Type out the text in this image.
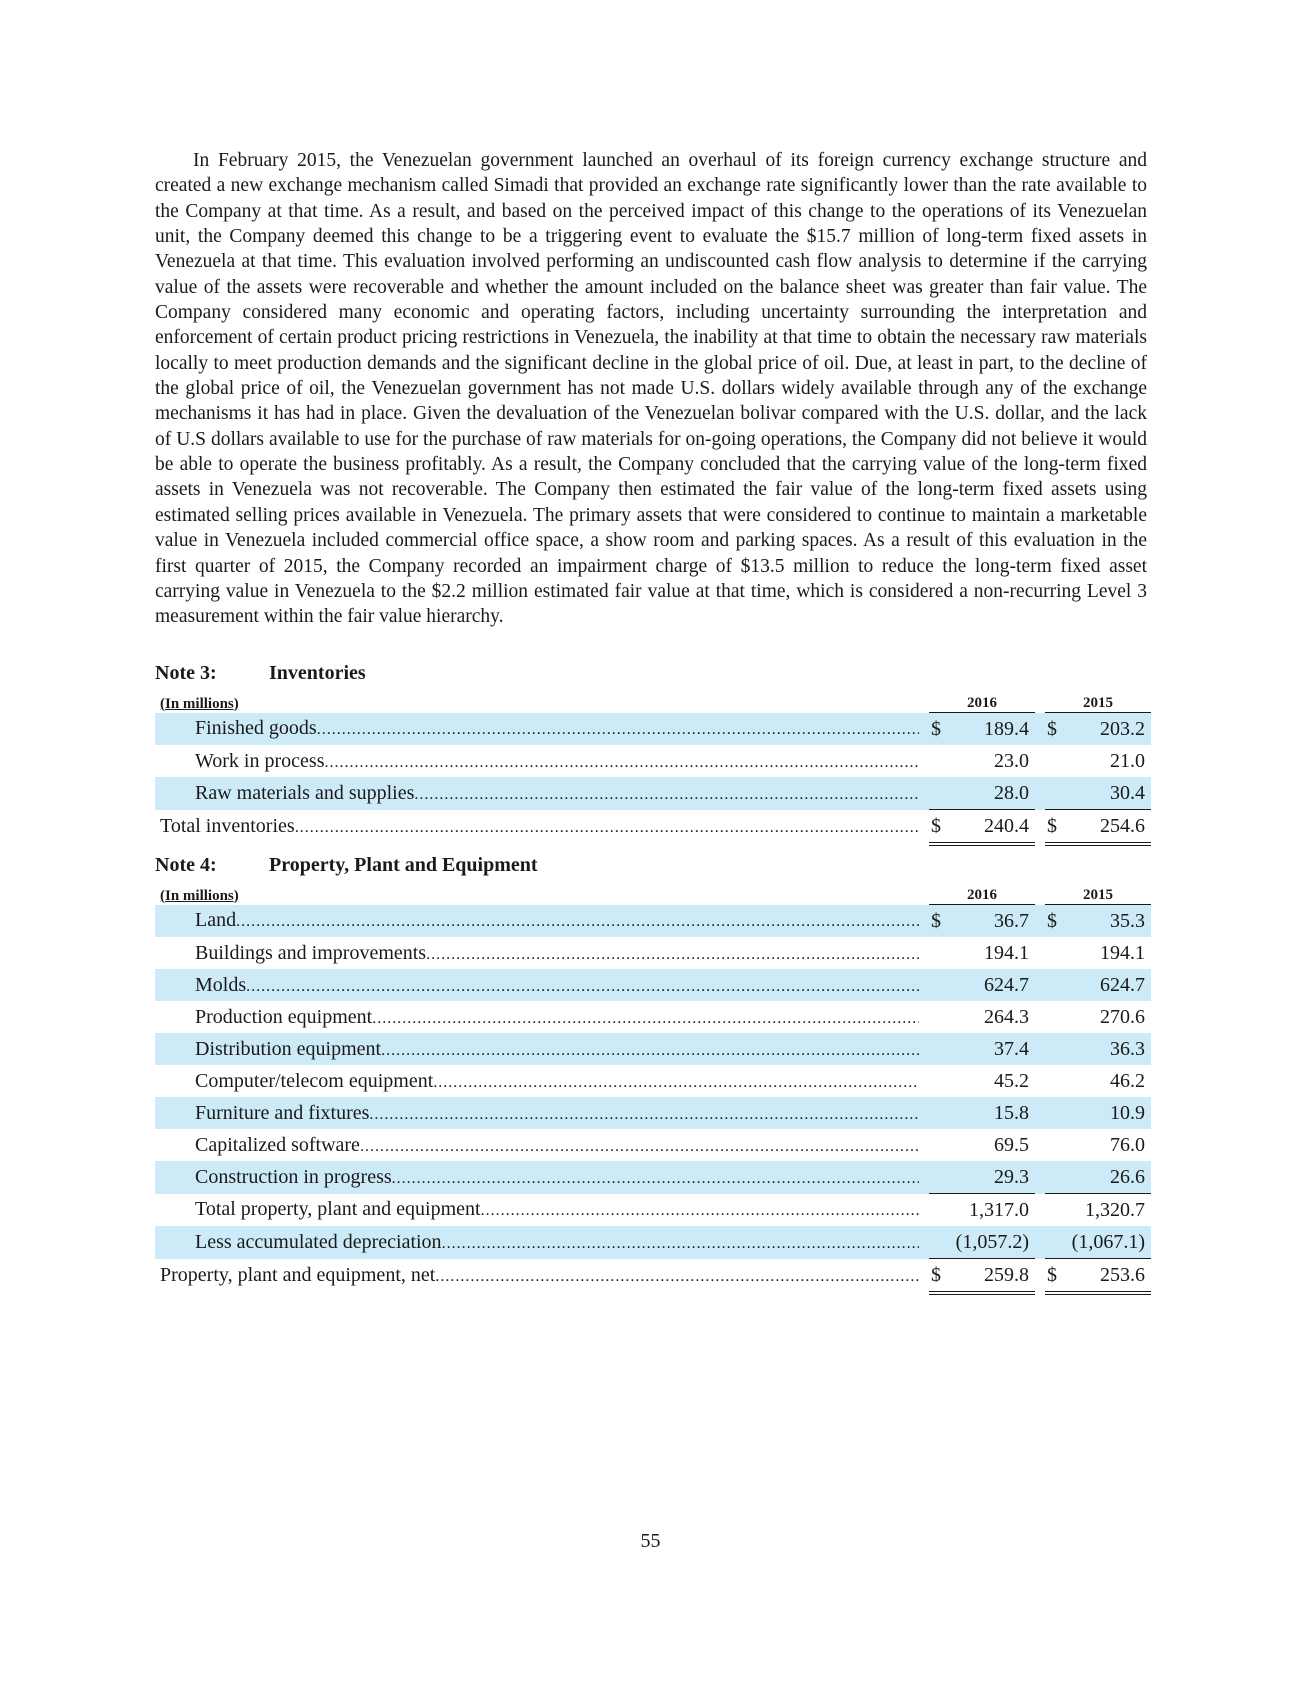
In February 2015, the Venezuelan government launched an overhaul of its foreign currency exchange structure and created a new exchange mechanism called Simadi that provided an exchange rate significantly lower than the rate available to the Company at that time. As a result, and based on the perceived impact of this change to the operations of its Venezuelan unit, the Company deemed this change to be a triggering event to evaluate the $15.7 million of long-term fixed assets in Venezuela at that time. This evaluation involved performing an undiscounted cash flow analysis to determine if the carrying value of the assets were recoverable and whether the amount included on the balance sheet was greater than fair value. The Company considered many economic and operating factors, including uncertainty surrounding the interpretation and enforcement of certain product pricing restrictions in Venezuela, the inability at that time to obtain the necessary raw materials locally to meet production demands and the significant decline in the global price of oil. Due, at least in part, to the decline of the global price of oil, the Venezuelan government has not made U.S. dollars widely available through any of the exchange mechanisms it has had in place. Given the devaluation of the Venezuelan bolivar compared with the U.S. dollar, and the lack of U.S dollars available to use for the purchase of raw materials for on-going operations, the Company did not believe it would be able to operate the business profitably. As a result, the Company concluded that the carrying value of the long-term fixed assets in Venezuela was not recoverable. The Company then estimated the fair value of the long-term fixed assets using estimated selling prices available in Venezuela. The primary assets that were considered to continue to maintain a marketable value in Venezuela included commercial office space, a show room and parking spaces. As a result of this evaluation in the first quarter of 2015, the Company recorded an impairment charge of $13.5 million to reduce the long-term fixed asset carrying value in Venezuela to the $2.2 million estimated fair value at that time, which is considered a non-recurring Level 3 measurement within the fair value hierarchy.

Note 3:	Inventories
(In millions)		2016			2015	

Finished goods
.....		$	189.4		$	203.2

Work in process
.....			23.0			21.0

Raw materials and supplies
.....			28.0			30.4

Total inventories
.....		$	240.4		$	254.6
Note 4:	Property, Plant and Equipment
(In millions)		2016			2015	

Land
.....		$	36.7		$	35.3

Buildings and improvements
.....			194.1			194.1

Molds
.....			624.7			624.7

Production equipment
.....			264.3			270.6

Distribution equipment
.....			37.4			36.3

Computer/telecom equipment
.....			45.2			46.2

Furniture and fixtures
.....			15.8			10.9

Capitalized software
.....			69.5			76.0

Construction in progress
.....			29.3			26.6

Total property, plant and equipment
.....			1,317.0			1,320.7

Less accumulated depreciation
.....			(1,057.2)			(1,067.1)

Property, plant and equipment, net
.....		$	259.8		$	253.6
55
